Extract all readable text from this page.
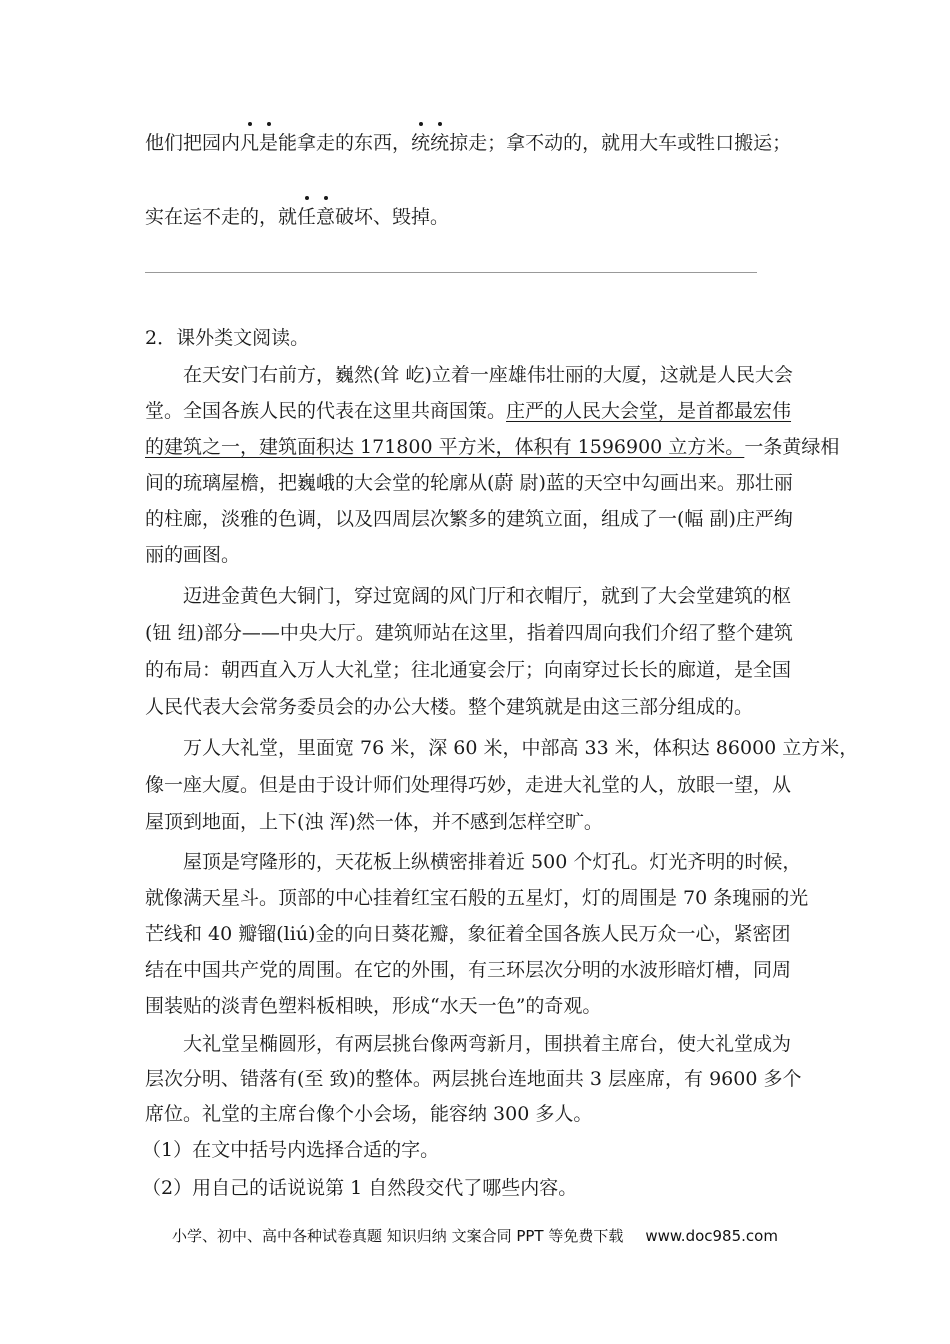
他们把园内凡是能拿走的东西，统统掠走；拿不动的，就用大车或牲口搬运；
实在运不走的，就任意破坏、毁掉。
2．课外类文阅读。
在天安门右前方，巍然(耸 屹)立着一座雄伟壮丽的大厦，这就是人民大会
堂。全国各族人民的代表在这里共商国策。庄严的人民大会堂，是首都最宏伟
的建筑之一，建筑面积达 171800 平方米，体积有 1596900 立方米。一条黄绿相
间的琉璃屋檐，把巍峨的大会堂的轮廓从(蔚 尉)蓝的天空中勾画出来。那壮丽
的柱廊，淡雅的色调，以及四周层次繁多的建筑立面，组成了一(幅 副)庄严绚
丽的画图。
迈进金黄色大铜门，穿过宽阔的风门厅和衣帽厅，就到了大会堂建筑的枢
(钮 纽)部分——中央大厅。建筑师站在这里，指着四周向我们介绍了整个建筑
的布局：朝西直入万人大礼堂；往北通宴会厅；向南穿过长长的廊道，是全国
人民代表大会常务委员会的办公大楼。整个建筑就是由这三部分组成的。
万人大礼堂，里面宽 76 米，深 60 米，中部高 33 米，体积达 86000 立方米，
像一座大厦。但是由于设计师们处理得巧妙，走进大礼堂的人，放眼一望，从
屋顶到地面，上下(浊 浑)然一体，并不感到怎样空旷。
屋顶是穹隆形的，天花板上纵横密排着近 500 个灯孔。灯光齐明的时候，
就像满天星斗。顶部的中心挂着红宝石般的五星灯，灯的周围是 70 条瑰丽的光
芒线和 40 瓣镏(liú)金的向日葵花瓣，象征着全国各族人民万众一心，紧密团
结在中国共产党的周围。在它的外围，有三环层次分明的水波形暗灯槽，同周
围装贴的淡青色塑料板相映，形成“水天一色”的奇观。
大礼堂呈椭圆形，有两层挑台像两弯新月，围拱着主席台，使大礼堂成为
层次分明、错落有(至 致)的整体。两层挑台连地面共 3 层座席，有 9600 多个
席位。礼堂的主席台像个小会场，能容纳 300 多人。
（1）在文中括号内选择合适的字。
（2）用自己的话说说第 1 自然段交代了哪些内容。
小学、初中、高中各种试卷真题 知识归纳 文案合同 PPT 等免费下载 www.doc985.com
